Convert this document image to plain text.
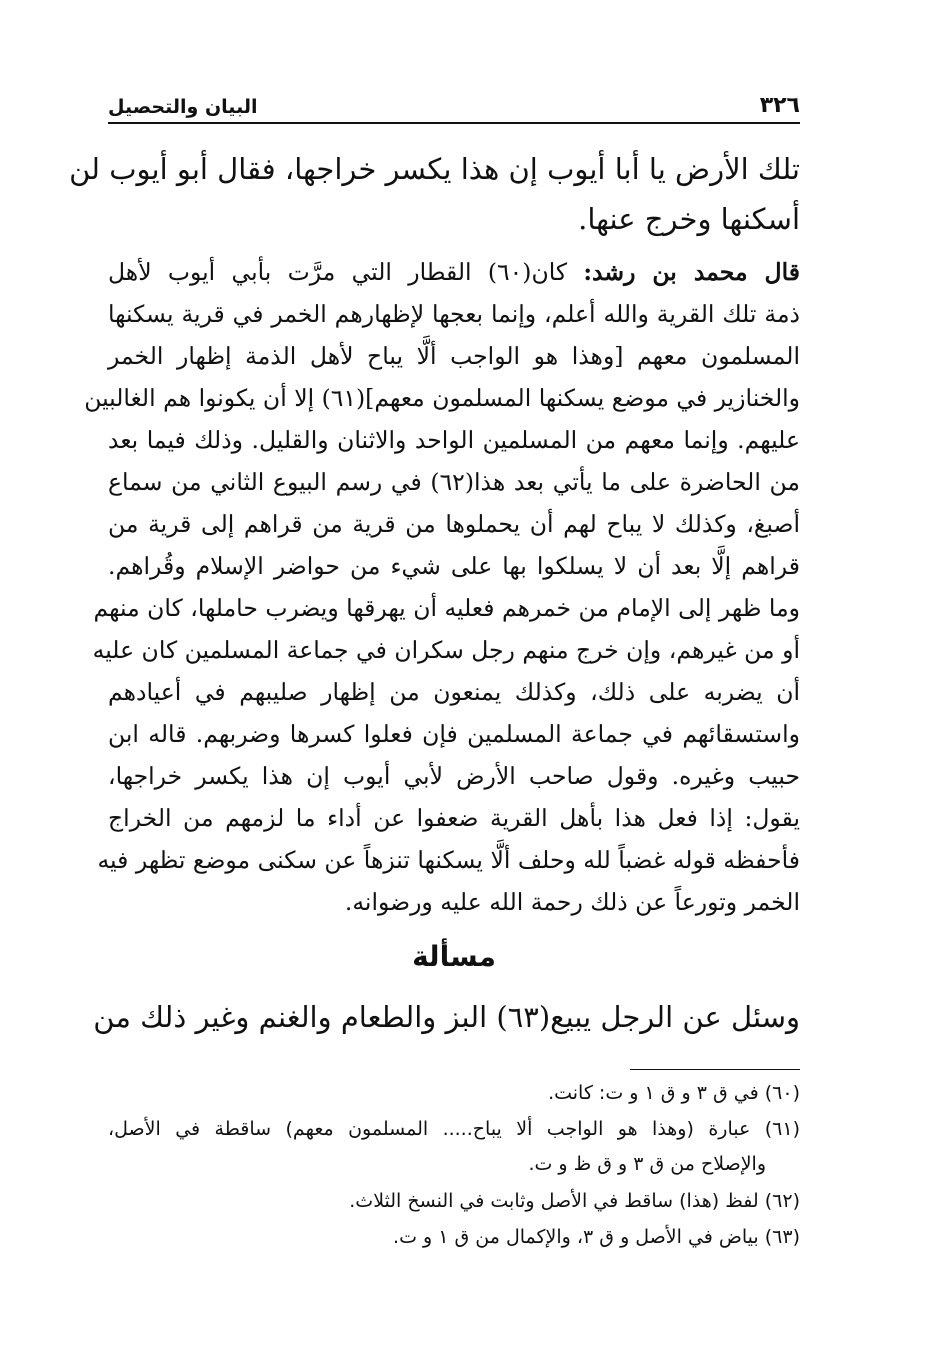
٣٢٦
البيان والتحصيل
تلك الأرض يا أبا أيوب إن هذا يكسر خراجها، فقال أبو أيوب لن
أسكنها وخرج عنها.
قال محمد بن رشد: كان(٦٠) القطار التي مرَّت بأبي أيوب لأهل
ذمة تلك القرية والله أعلم، وإنما بعجها لإظهارهم الخمر في قرية يسكنها
المسلمون معهم [وهذا هو الواجب ألَّا يباح لأهل الذمة إظهار الخمر
والخنازير في موضع يسكنها المسلمون معهم](٦١) إلا أن يكونوا هم الغالبين
عليهم. وإنما معهم من المسلمين الواحد والاثنان والقليل. وذلك فيما بعد
من الحاضرة على ما يأتي بعد هذا(٦٢) في رسم البيوع الثاني من سماع
أصبغ، وكذلك لا يباح لهم أن يحملوها من قرية من قراهم إلى قرية من
قراهم إلَّا بعد أن لا يسلكوا بها على شيء من حواضر الإسلام وقُراهم.
وما ظهر إلى الإمام من خمرهم فعليه أن يهرقها ويضرب حاملها، كان منهم
أو من غيرهم، وإن خرج منهم رجل سكران في جماعة المسلمين كان عليه
أن يضربه على ذلك، وكذلك يمنعون من إظهار صليبهم في أعيادهم
واستسقائهم في جماعة المسلمين فإن فعلوا كسرها وضربهم. قاله ابن
حبيب وغيره. وقول صاحب الأرض لأبي أيوب إن هذا يكسر خراجها،
يقول: إذا فعل هذا بأهل القرية ضعفوا عن أداء ما لزمهم من الخراج
فأحفظه قوله غضباً لله وحلف ألَّا يسكنها تنزهاً عن سكنى موضع تظهر فيه
الخمر وتورعاً عن ذلك رحمة الله عليه ورضوانه.
مسألة
وسئل عن الرجل يبيع(٦٣) البز والطعام والغنم وغير ذلك من
(٦٠) في ق ٣ و ق ١ و ت: كانت.
(٦١) عبارة (وهذا هو الواجب ألا يباح..... المسلمون معهم) ساقطة في الأصل،
والإصلاح من ق ٣ و ق ظ و ت.
(٦٢) لفظ (هذا) ساقط في الأصل وثابت في النسخ الثلاث.
(٦٣) بياض في الأصل و ق ٣، والإكمال من ق ١ و ت.
